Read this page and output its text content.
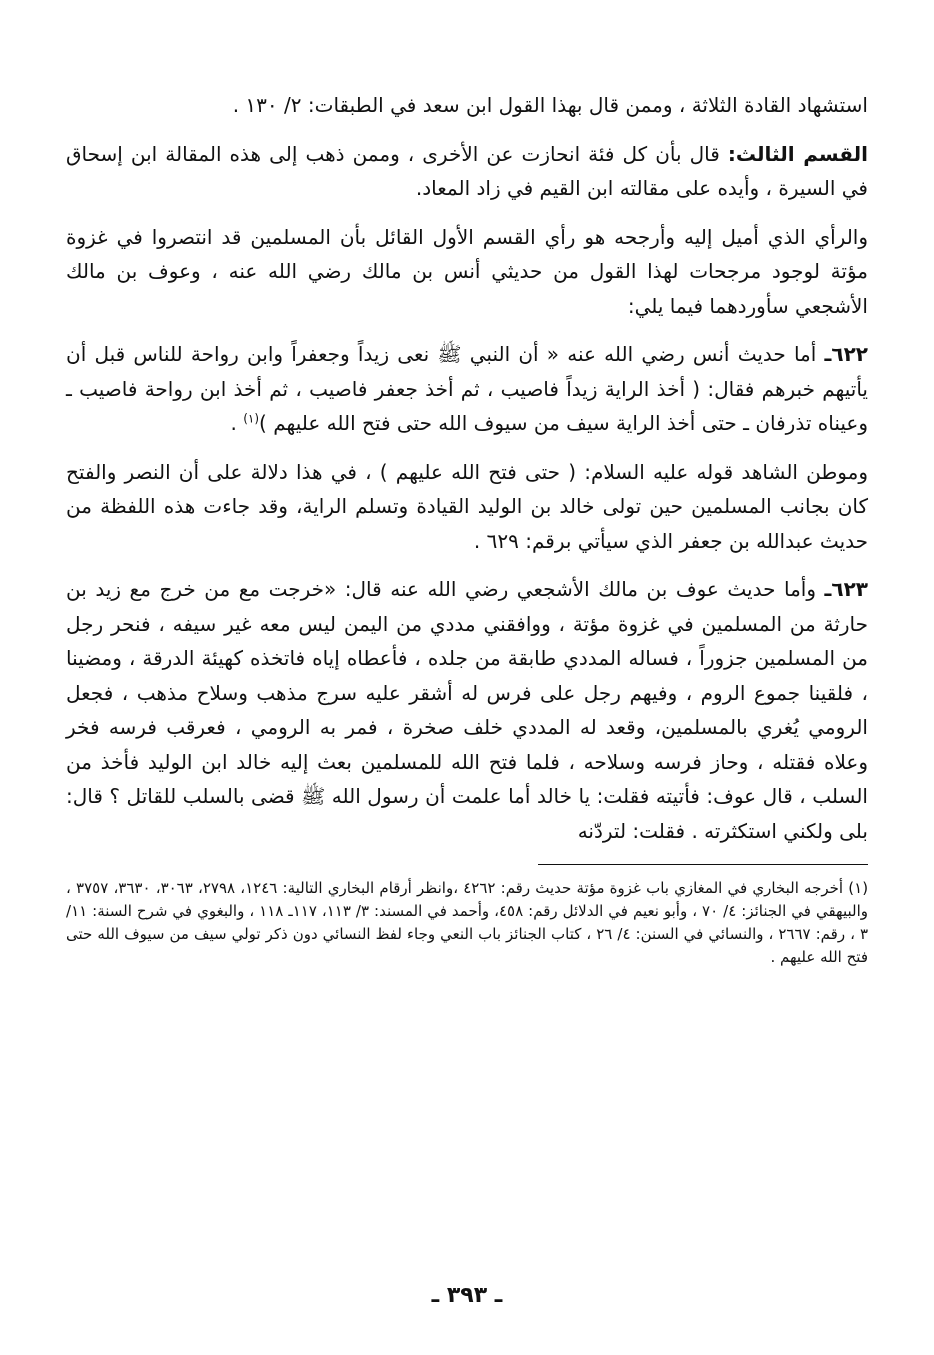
استشهاد القادة الثلاثة ، وممن قال بهذا القول ابن سعد في الطبقات: ٢/ ١٣٠ .

القسم الثالث: قال بأن كل فئة انحازت عن الأخرى ، وممن ذهب إلى هذه المقالة ابن إسحاق في السيرة ، وأيده على مقالته ابن القيم في زاد المعاد.

والرأي الذي أميل إليه وأرجحه هو رأي القسم الأول القائل بأن المسلمين قد انتصروا في غزوة مؤتة لوجود مرجحات لهذا القول من حديثي أنس بن مالك رضي الله عنه ، وعوف بن مالك الأشجعي سأوردهما فيما يلي:

٦٢٢ـ أما حديث أنس رضي الله عنه « أن النبي ﷺ نعى زيداً وجعفراً وابن رواحة للناس قبل أن يأتيهم خبرهم فقال: ( أخذ الراية زيداً فاصيب ، ثم أخذ جعفر فاصيب ، ثم أخذ ابن رواحة فاصيب ـ وعيناه تذرفان ـ حتى أخذ الراية سيف من سيوف الله حتى فتح الله عليهم )$^{(١)}$ .

وموطن الشاهد قوله عليه السلام: ( حتى فتح الله عليهم ) ، في هذا دلالة على أن النصر والفتح كان بجانب المسلمين حين تولى خالد بن الوليد القيادة وتسلم الراية، وقد جاءت هذه اللفظة من حديث عبدالله بن جعفر الذي سيأتي برقم: ٦٢٩ .

٦٢٣ـ وأما حديث عوف بن مالك الأشجعي رضي الله عنه قال: «خرجت مع من خرج مع زيد بن حارثة من المسلمين في غزوة مؤتة ، ووافقني مددي من اليمن ليس معه غير سيفه ، فنحر رجل من المسلمين جزوراً ، فساله المددي طابقة من جلده ، فأعطاه إياه فاتخذه كهيئة الدرقة ، ومضينا ، فلقينا جموع الروم ، وفيهم رجل على فرس له أشقر عليه سرج مذهب وسلاح مذهب ، فجعل الرومي يُغري بالمسلمين، وقعد له المددي خلف صخرة ، فمر به الرومي ، فعرقب فرسه فخر وعلاه فقتله ، وحاز فرسه وسلاحه ، فلما فتح الله للمسلمين بعث إليه خالد ابن الوليد فأخذ من السلب ، قال عوف: فأتيته فقلت: يا خالد أما علمت أن رسول الله ﷺ قضى بالسلب للقاتل ؟ قال: بلى ولكني استكثرته . فقلت: لتردّنه

(١) أخرجه البخاري في المغازي باب غزوة مؤتة حديث رقم: ٤٢٦٢ ،وانظر أرقام البخاري التالية: ١٢٤٦، ٢٧٩٨، ٣٠٦٣، ٣٦٣٠، ٣٧٥٧ ، والبيهقي في الجنائز: ٤/ ٧٠ ، وأبو نعيم في الدلائل رقم: ٤٥٨، وأحمد في المسند: ٣/ ١١٣، ١١٧ـ ١١٨ ، والبغوي في شرح السنة: ١١/ ٣ ، رقم: ٢٦٦٧ ، والنسائي في السنن: ٤/ ٢٦ ، كتاب الجنائز باب النعي وجاء لفظ النسائي دون ذكر تولي سيف من سيوف الله حتى فتح الله عليهم .

ـ ٣٩٣ ـ
